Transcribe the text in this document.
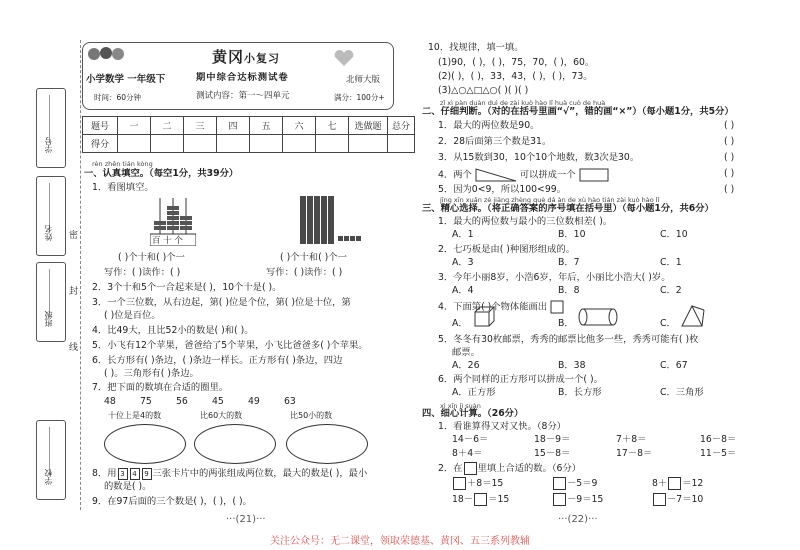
学号
姓名
班级
学校
密
封
线
黄冈小复习
小学数学 一年级下
时间：60分钟
期中综合达标测试卷	北师大版
测试内容：第一～四单元	满分：100分+
题号	一	二	三	四	五	六	七	选做题	总分
得分									
rèn zhēn tián kòng
一、认真填空。（每空1分，共39分）
1．看图填空。
百 十 个

( )个十和( )个一	( )个十和( )个一
写作：( )读作：( )	写作：( )读作：( )
2．3个十和5个一合起来是( )，10个十是( )。
3．一个三位数，从右边起，第( )位是个位，第( )位是十位，第
( )位是百位。
4．比49大，且比52小的数是( )和( )。
5．小飞有12个苹果，爸爸给了5个苹果，小飞比爸爸多( )个苹果。
6．长方形有( )条边，( )条边一样长。正方形有( )条边，四边
( )。三角形有( )条边。
7．把下面的数填在合适的圈里。
48	75	56	45	49	63
十位上是4的数	比60大的数	比50小的数
8．用 3 4 9 三张卡片中的两张组成两位数，最大的数是( )，最小
的数是( )。
9．在97后面的三个数是( )，( )，( )。
···(21)···
10．找规律，填一填。
(1)90，( )，( )，75，70，( )，60。
(2)( )，( )，33，43，( )，( )，73。
(3)△○△□△○( )( )( )
zǐ xì pàn duàn duì de zài kuò hào lǐ huà cuò de huà
二、仔细判断。（对的在括号里画“√”，错的画“×”）（每小题1分，共5分）
1．最大的两位数是90。	( )
2．28后面第三个数是31。	( )
3．从15数到30，10个10个地数，数3次是30。	( )
4．两个	可以拼成一个	( )
5．因为0<9，所以100<99。	( )
jīng xīn xuǎn zé jiāng zhèng què dá àn de xù hào tián zài kuò hào lǐ
三、精心选择。（将正确答案的序号填在括号里）（每小题1分，共6分）
1．最大的两位数与最小的三位数相差( )。
A．1	B．10	C．10
2．七巧板是由( )种图形组成的。
A．3	B．7	C．1
3．今年小丽8岁，小浩6岁，年后，小丽比小浩大( )岁。
A．4	B．8	C．2
4．下面第( )个物体能画出
A．	B．	C．
5．冬冬有30枚邮票，秀秀的邮票比他多一些，秀秀可能有( )枚
邮票。
A．26	B．38	C．67
6．两个同样的正方形可以拼成一个( )。
A．正方形	B．长方形	C．三角形
xì xīn jì suàn
四、细心计算。（26分）
1．看谁算得又对又快。（8分）
14－6＝	18－9＝	7＋8＝	16－8＝
8＋4＝	15－8＝	17－8＝	11－5＝
2．在 里填上合适的数。（6分）
＋8＝15	－5＝9	8＋ ＝12
18－ ＝15	－9＝15	－7＝10
···(22)···
关注公众号：无二课堂，领取荣德基、黄冈、五三系列教辅
